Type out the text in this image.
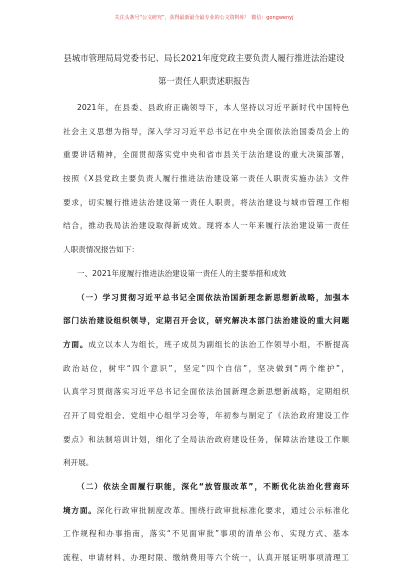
关注头条号“公文研究”，获得最新最全最专业的公文资料库！ 微信：gongwenyj
县城市管理局局党委书记、局长2021年度党政主要负责人履行推进法治建设
第一责任人职责述职报告
2021年，在县委、县政府正确领导下，本人坚持以习近平新时代中国特色
社会主义思想为指导，深入学习习近平总书记在中央全面依法治国委员会上的
重要讲话精神，全面贯彻落实党中央和省市县关于法治建设的重大决策部署，
按照《X县党政主要负责人履行推进法治建设第一责任人职责实施办法》文件
要求，切实履行推进法治建设第一责任人职责，将法治建设与城市管理工作相
结合，推动我局法治建设取得新成效。现将本人一年来履行法治建设第一责任
人职责情况报告如下：
一、2021年度履行推进法治建设第一责任人的主要举措和成效
（一）学习贯彻习近平总书记全面依法治国新理念新思想新战略，加强本
部门法治建设组织领导，定期召开会议，研究解决本部门法治建设的重大问题
方面。成立以本人为组长，班子成员为副组长的法治工作领导小组，不断提高
政治站位，树牢“四个意识”，坚定“四个自信”，坚决做到“两个维护”，
认真学习贯彻落实习近平总书记全面依法治国新理念新思想新战略，定期组织
召开了局党组会、党组中心组学习会等，年初参与制定了《法治政府建设工作
要点》和法制培训计划，细化了全局法治政府建设任务，保障法治建设工作顺
利开展。
（二）依法全面履行职能，深化“放管服改革”，不断优化法治化营商环
境方面。深化行政审批制度改革。围绕行政审批标准化要求，通过公示标准化
工作规程和办事指南，落实“不见面审批”事项的清单公布、实现方式、基本
流程、申请材料、办理时限、缴纳费用等六个统一，认真开展证明事项清理工
